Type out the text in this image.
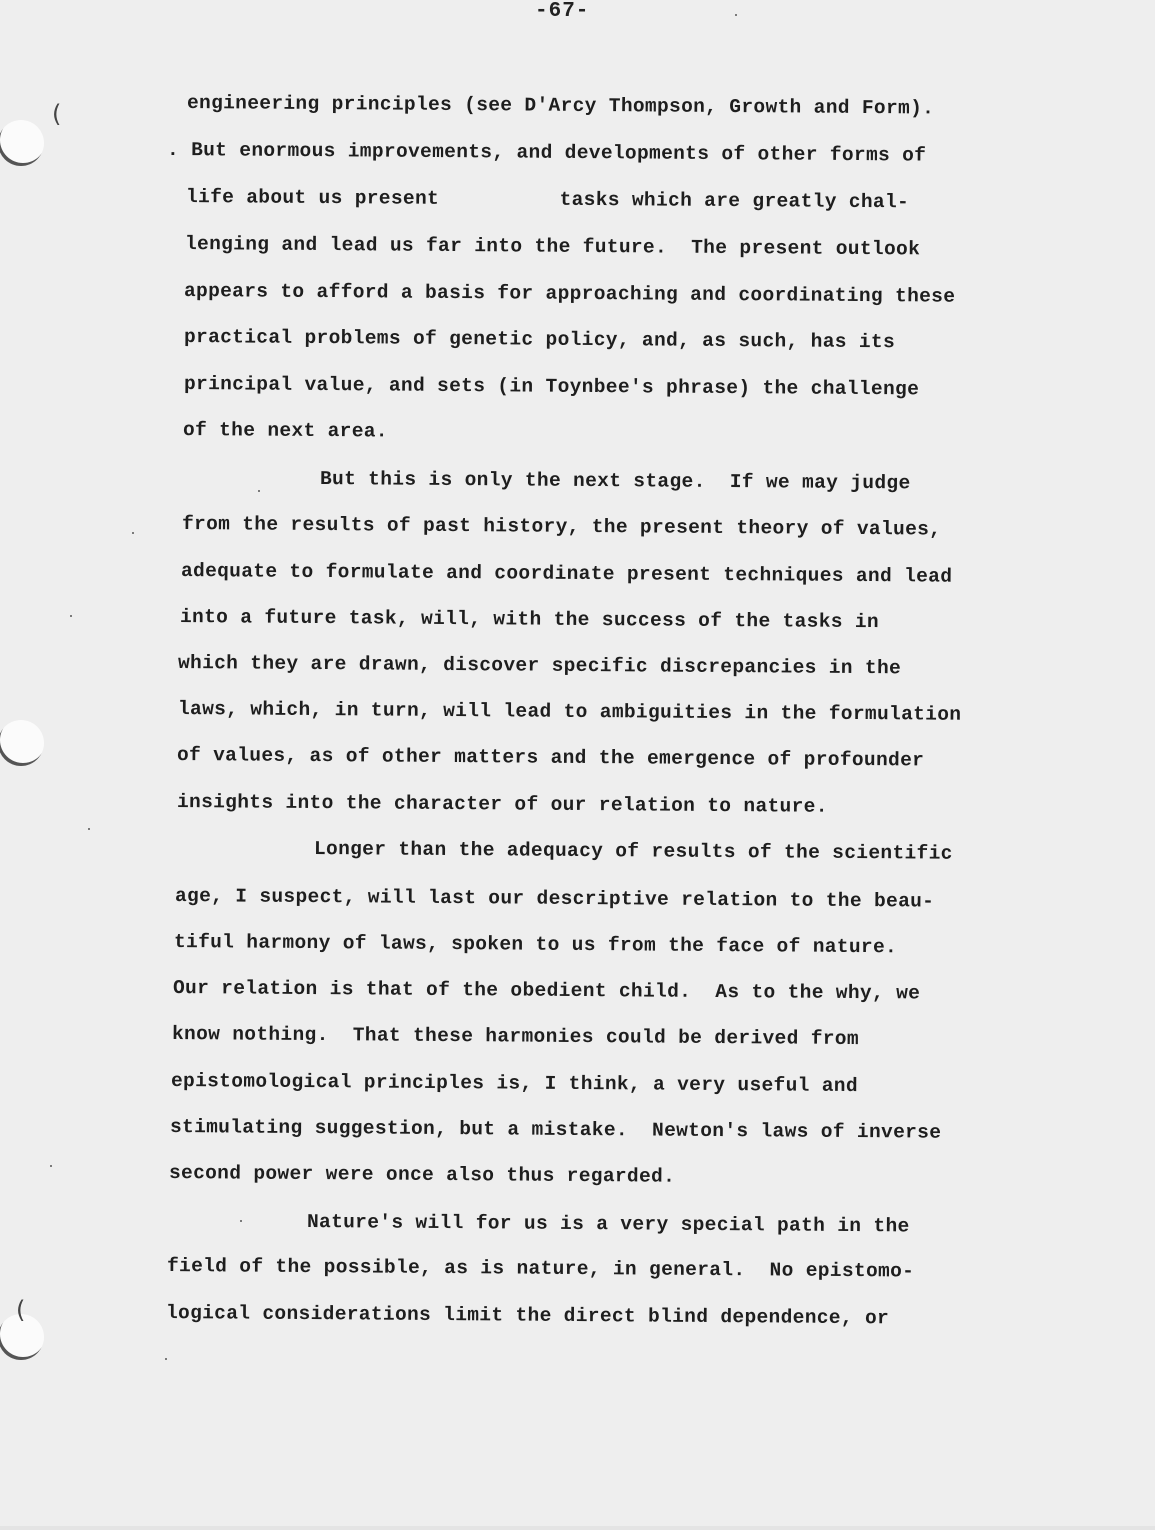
-67-
(
(
engineering principles (see D'Arcy Thompson, Growth and Form).
. But enormous improvements, and developments of other forms of
life about us present          tasks which are greatly chal-
lenging and lead us far into the future.  The present outlook
appears to afford a basis for approaching and coordinating these
practical problems of genetic policy, and, as such, has its
principal value, and sets (in Toynbee's phrase) the challenge
of the next area.
But this is only the next stage.  If we may judge
from the results of past history, the present theory of values,
adequate to formulate and coordinate present techniques and lead
into a future task, will, with the success of the tasks in
which they are drawn, discover specific discrepancies in the
laws, which, in turn, will lead to ambiguities in the formulation
of values, as of other matters and the emergence of profounder
insights into the character of our relation to nature.
Longer than the adequacy of results of the scientific
age, I suspect, will last our descriptive relation to the beau-
tiful harmony of laws, spoken to us from the face of nature.
Our relation is that of the obedient child.  As to the why, we
know nothing.  That these harmonies could be derived from
epistomological principles is, I think, a very useful and
stimulating suggestion, but a mistake.  Newton's laws of inverse
second power were once also thus regarded.
Nature's will for us is a very special path in the
field of the possible, as is nature, in general.  No epistomo-
logical considerations limit the direct blind dependence, or
